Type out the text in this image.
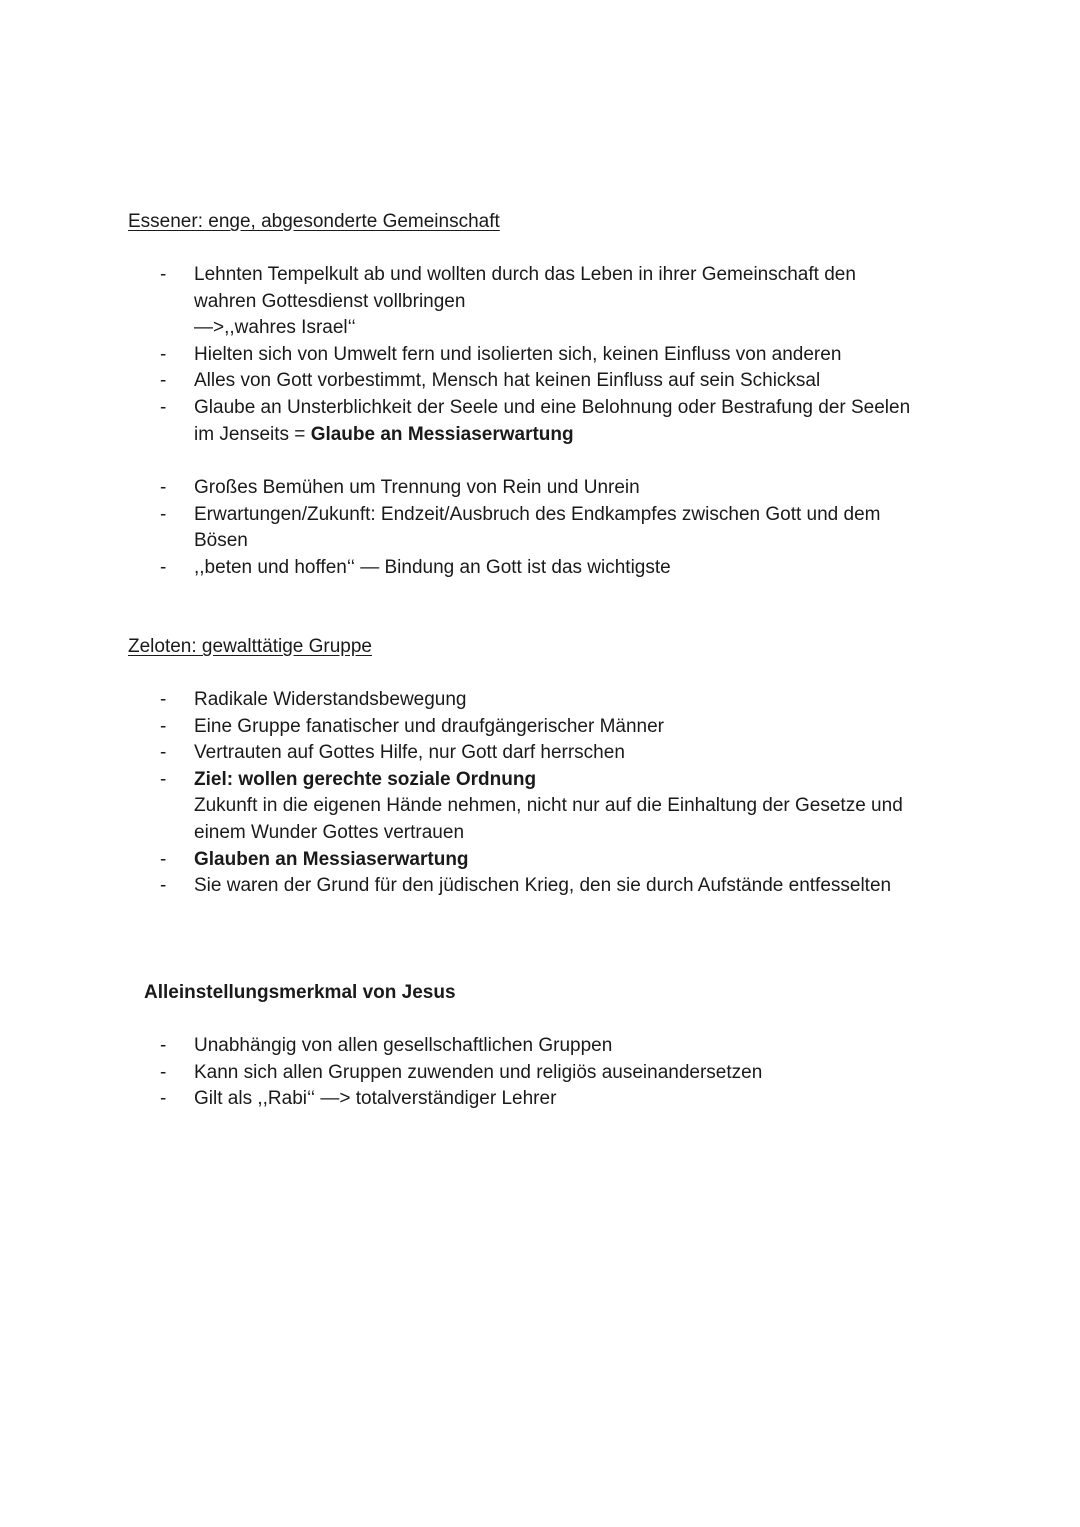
Essener: enge, abgesonderte Gemeinschaft
- Lehnten Tempelkult ab und wollten durch das Leben in ihrer Gemeinschaft den
wahren Gottesdienst vollbringen
—>,,wahres Israel‘‘
- Hielten sich von Umwelt fern und isolierten sich, keinen Einfluss von anderen
- Alles von Gott vorbestimmt, Mensch hat keinen Einfluss auf sein Schicksal
- Glaube an Unsterblichkeit der Seele und eine Belohnung oder Bestrafung der Seelen
im Jenseits = Glaube an Messiaserwartung
- Großes Bemühen um Trennung von Rein und Unrein
- Erwartungen/Zukunft: Endzeit/Ausbruch des Endkampfes zwischen Gott und dem
Bösen
- ,,beten und hoffen‘‘ — Bindung an Gott ist das wichtigste
Zeloten: gewalttätige Gruppe
- Radikale Widerstandsbewegung
- Eine Gruppe fanatischer und draufgängerischer Männer
- Vertrauten auf Gottes Hilfe, nur Gott darf herrschen
- Ziel: wollen gerechte soziale Ordnung
Zukunft in die eigenen Hände nehmen, nicht nur auf die Einhaltung der Gesetze und
einem Wunder Gottes vertrauen
- Glauben an Messiaserwartung
- Sie waren der Grund für den jüdischen Krieg, den sie durch Aufstände entfesselten
Alleinstellungsmerkmal von Jesus
- Unabhängig von allen gesellschaftlichen Gruppen
- Kann sich allen Gruppen zuwenden und religiös auseinandersetzen
- Gilt als ,,Rabi‘‘ —> totalverständiger Lehrer
